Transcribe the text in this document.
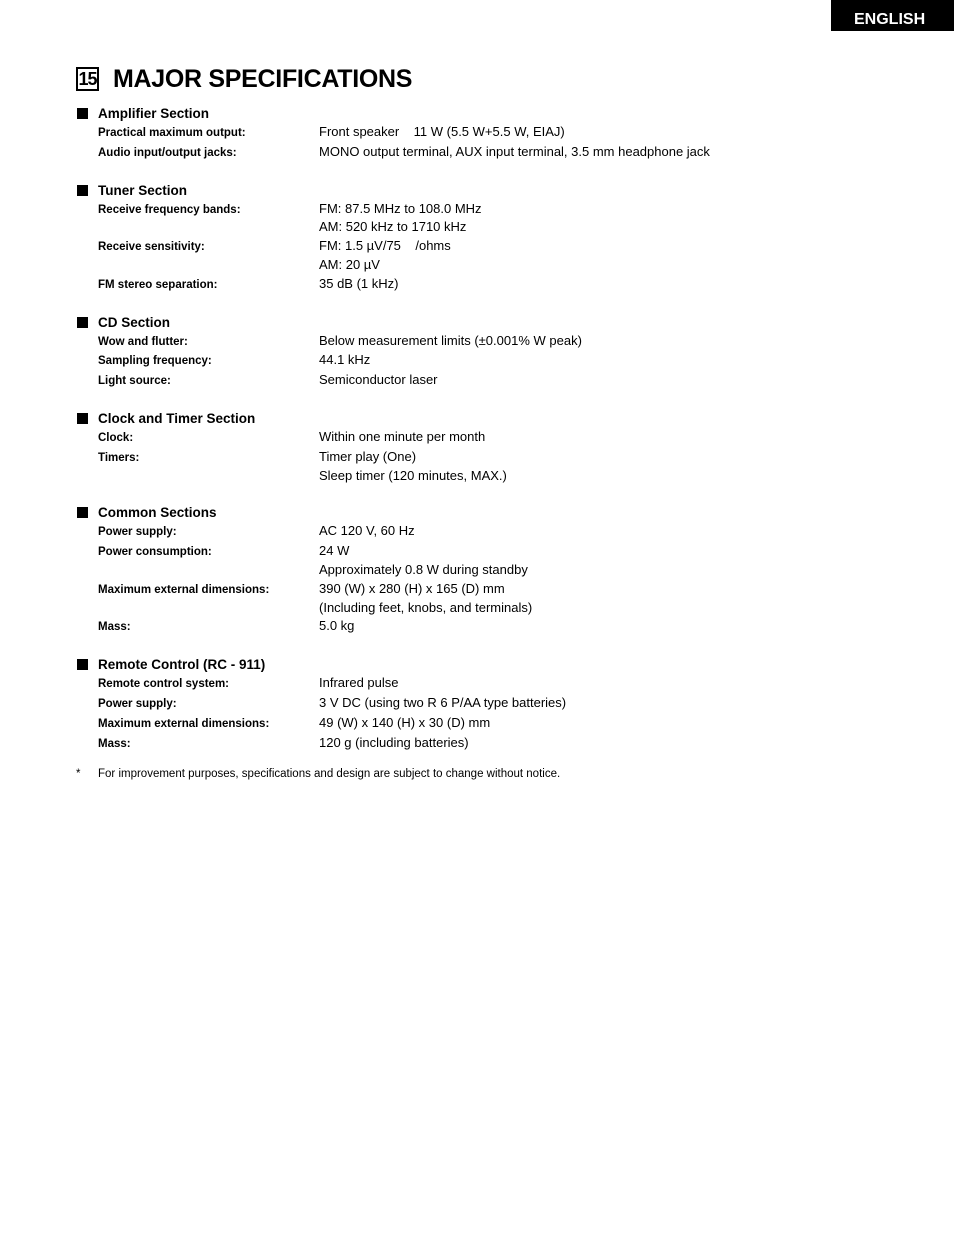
ENGLISH
15 MAJOR SPECIFICATIONS
Amplifier Section
Practical maximum output:	Front speaker    11 W (5.5 W+5.5 W, EIAJ)
Audio input/output jacks:	MONO output terminal, AUX input terminal, 3.5 mm headphone jack
Tuner Section
Receive frequency bands:	FM: 87.5 MHz to 108.0 MHz
AM: 520 kHz to 1710 kHz
Receive sensitivity:	FM: 1.5 µV/75    /ohms
AM: 20 µV
FM stereo separation:	35 dB (1 kHz)
CD Section
Wow and flutter:	Below measurement limits (±0.001% W peak)
Sampling frequency:	44.1 kHz
Light source:	Semiconductor laser
Clock and Timer Section
Clock:	Within one minute per month
Timers:	Timer play (One)
Sleep timer (120 minutes, MAX.)
Common Sections
Power supply:	AC 120 V, 60 Hz
Power consumption:	24 W
Approximately 0.8 W during standby
Maximum external dimensions:	390 (W) x 280 (H) x 165 (D) mm
(Including feet, knobs, and terminals)
Mass:	5.0 kg
Remote Control (RC - 911)
Remote control system:	Infrared pulse
Power supply:	3 V DC (using two R 6 P/AA type batteries)
Maximum external dimensions:	49 (W) x 140 (H) x 30 (D) mm
Mass:	120 g (including batteries)
*	For improvement purposes, specifications and design are subject to change without notice.
